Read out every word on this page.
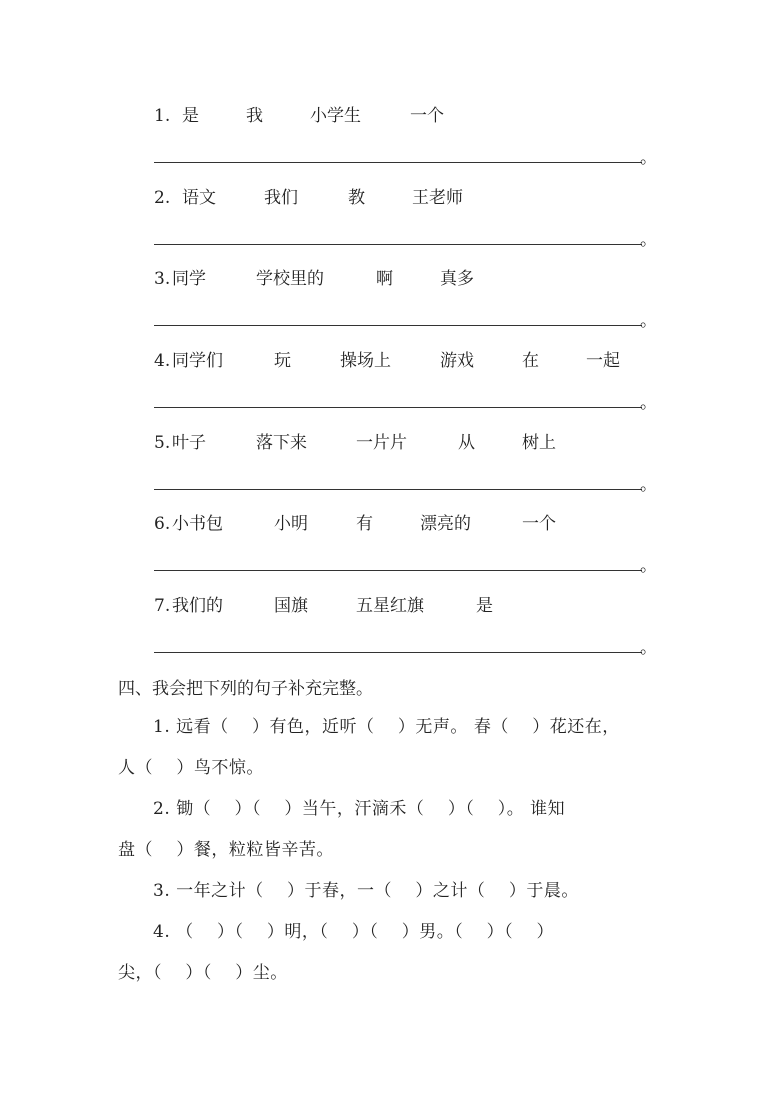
1. 是	我	小学生	一个
。
2. 语文	我们	教	王老师
。
3. 同学	学校里的	啊	真多
。
4. 同学们	玩	操场上	游戏	在	一起
。
5. 叶子	落下来	一片片	从	树上
。
6. 小书包	小明	有	漂亮的	一个
。
7. 我们的	国旗	五星红旗	是
。
四、我会把下列的句子补充完整。
1. 远看（　 ）有色，近听（　 ）无声。 春（　 ）花还在，
人（　 ）鸟不惊。
2. 锄（　 ）（　 ）当午，汗滴禾（　 ）（　 ）。 谁知
盘（　 ）餐，粒粒皆辛苦。
3. 一年之计（　 ）于春，一（　 ）之计（　 ）于晨。
4. （　 ）（　 ）明，（　 ）（　 ）男。（　 ）（　 ）
尖，（　 ）（　 ）尘。
